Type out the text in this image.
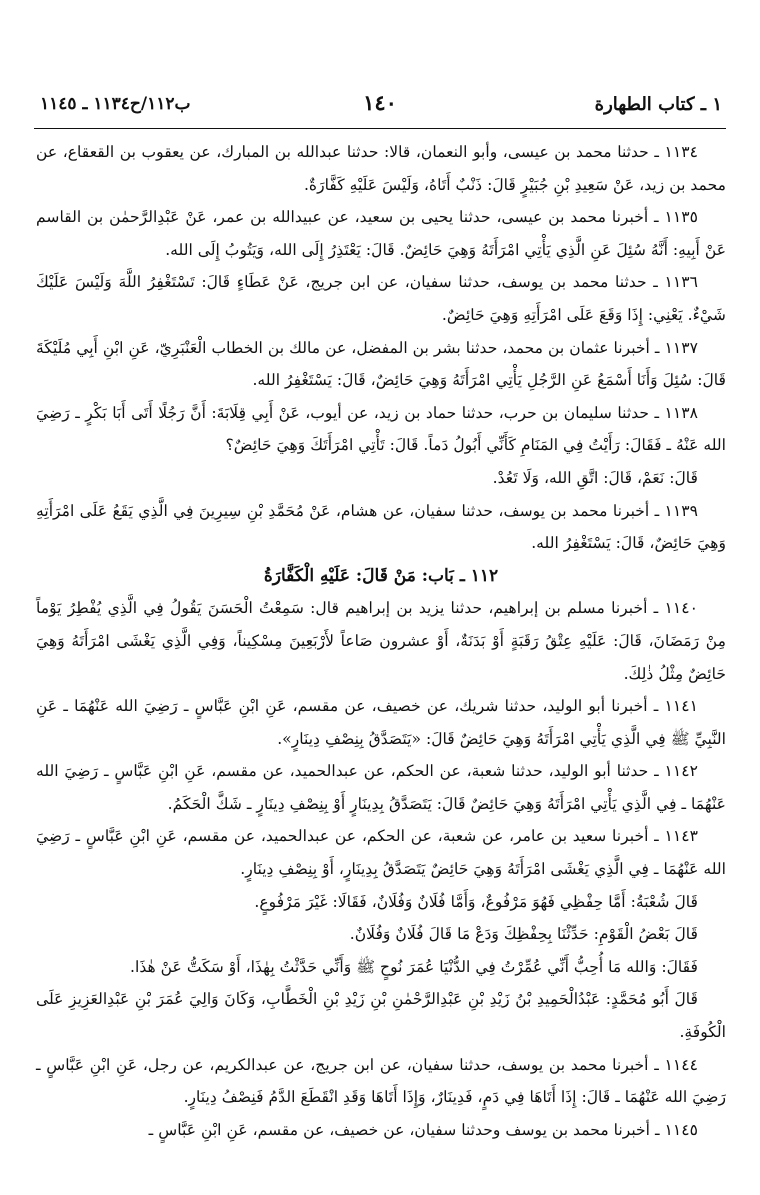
١ ـ كتاب الطهارة
١٤٠
ب١١٢/ح١١٣٤ ـ ١١٤٥

١١٣٤ ـ حدثنا محمد بن عيسى، وأبو النعمان، قالا: حدثنا عبدالله بن المبارك، عن يعقوب بن القعقاع، عن محمد بن زيد، عَنْ سَعِيدِ بْنِ جُبَيْرٍ قَالَ: ذَنْبٌ أَتَاهُ، وَلَيْسَ عَلَيْهِ كَفَّارَةٌ.

١١٣٥ ـ أخبرنا محمد بن عيسى، حدثنا يحيى بن سعيد، عن عبيدالله بن عمر، عَنْ عَبْدِالرَّحمٰن بن القاسم عَنْ أَبِيهِ: أَنَّهُ سُئِلَ عَنِ الَّذِي يَأْتِي امْرَأَتَهُ وَهِيَ حَائِضٌ. قَالَ: يَعْتَذِرُ إِلَى الله، وَيَتُوبُ إِلَى الله.

١١٣٦ ـ حدثنا محمد بن يوسف، حدثنا سفيان، عن ابن جريج، عَنْ عَطَاءٍ قَالَ: تَسْتَغْفِرُ اللَّهَ وَلَيْسَ عَلَيْكَ شَيْءٌ. يَعْنِي: إِذَا وَقَعَ عَلَى امْرَأَتِهِ وَهِيَ حَائِضٌ.

١١٣٧ ـ أخبرنا عثمان بن محمد، حدثنا بشر بن المفضل، عن مالك بن الخطاب الْعَنْبَرِيّ، عَنِ ابْنِ أَبِي مُلَيْكَةَ قَالَ: سُئِلَ وَأَنَا أَسْمَعُ عَنِ الرَّجُلِ يَأْتِي امْرَأَتَهُ وَهِيَ حَائِضٌ، قَالَ: يَسْتَغْفِرُ الله.

١١٣٨ ـ حدثنا سليمان بن حرب، حدثنا حماد بن زيد، عن أيوب، عَنْ أَبِي قِلَابَةَ: أَنَّ رَجُلًا أَتَى أَبَا بَكْرٍ ـ رَضِيَ الله عَنْهُ ـ فَقَالَ: رَأَيْتُ فِي المَنَامِ كَأَنِّي أَبُولُ دَماً. قَالَ: تَأْتِي امْرَأَتَكَ وَهِيَ حَائِضٌ؟

قَالَ: نَعَمْ، قَالَ: اتَّقِ الله، وَلَا تَعُدْ.

١١٣٩ ـ أخبرنا محمد بن يوسف، حدثنا سفيان، عن هشام، عَنْ مُحَمَّدِ بْنِ سِيرِينَ فِي الَّذِي يَقَعُ عَلَى امْرَأَتِهِ وَهِيَ حَائِضٌ، قَالَ: يَسْتَغْفِرُ الله.

١١٢ ـ بَاب: مَنْ قَالَ: عَلَيْهِ الْكَفَّارَةُ

١١٤٠ ـ أخبرنا مسلم بن إبراهيم، حدثنا يزيد بن إبراهيم قال: سَمِعْتُ الْحَسَنَ يَقُولُ فِي الَّذِي يُفْطِرُ يَوْماً مِنْ رَمَضَانَ، قَالَ: عَلَيْهِ عِتْقُ رَقَبَةٍ أَوْ بَدَنَةٌ، أَوْ عشرون صَاعاً لأَرْبَعِينَ مِسْكِيناً، وَفِي الَّذِي يَغْشَى امْرَأَتَهُ وَهِيَ حَائِضٌ مِثْلُ ذٰلِكَ.

١١٤١ ـ أخبرنا أبو الوليد، حدثنا شريك، عن خصيف، عن مقسم، عَنِ ابْنِ عَبَّاسٍ ـ رَضِيَ الله عَنْهُمَا ـ عَنِ النَّبِيِّ ﷺ فِي الَّذِي يَأْتِي امْرَأَتَهُ وَهِيَ حَائِضٌ قَالَ: «يَتَصَدَّقُ بِنِصْفِ دِينَارٍ».

١١٤٢ ـ حدثنا أبو الوليد، حدثنا شعبة، عن الحكم، عن عبدالحميد، عن مقسم، عَنِ ابْنِ عَبَّاسٍ ـ رَضِيَ الله عَنْهُمَا ـ فِي الَّذِي يَأْتِي امْرَأَتَهُ وَهِيَ حَائِضٌ قَالَ: يَتَصَدَّقُ بِدِينَارٍ أَوْ بِنِصْفِ دِينَارٍ ـ شَكَّ الْحَكَمُ.

١١٤٣ ـ أخبرنا سعيد بن عامر، عن شعبة، عن الحكم، عن عبدالحميد، عن مقسم، عَنِ ابْنِ عَبَّاسٍ ـ رَضِيَ الله عَنْهُمَا ـ فِي الَّذِي يَغْشَى امْرَأَتَهُ وَهِيَ حَائِضٌ يَتَصَدَّقُ بِدِينَارٍ، أَوْ بِنِصْفِ دِينَارٍ.

قَالَ شُعْبَةُ: أَمَّا حِفْظِي فَهُوَ مَرْفُوعٌ، وَأَمَّا فُلَانٌ وَفُلَانٌ، فَقَالَا: غَيْرَ مَرْفُوعٍ.

قَالَ بَعْضُ الْقَوْمِ: حَدِّثْنَا بِحِفْظِكَ وَدَعْ مَا قَالَ فُلَانٌ وَفُلَانٌ.

فَقَالَ: وَالله مَا أُحِبُّ أَنِّي عُمِّرْتُ فِي الدُّنْيَا عُمَرَ نُوحٍ ﷺ وَأَنِّي حَدَّثْتُ بِهٰذَا، أَوْ سَكَتُّ عَنْ هٰذَا.

قَالَ أَبُو مُحَمَّدٍ: عَبْدُالْحَمِيدِ بْنُ زَيْدِ بْنِ عَبْدِالرَّحْمٰنِ بْنِ زَيْدِ بْنِ الْخَطَّابِ، وَكَانَ وَالِيَ عُمَرَ بْنِ عَبْدِالعَزِيزِ عَلَى الْكُوفَةِ.

١١٤٤ ـ أخبرنا محمد بن يوسف، حدثنا سفيان، عن ابن جريج، عن عبدالكريم، عن رجل، عَنِ ابْنِ عَبَّاسٍ ـ رَضِيَ الله عَنْهُمَا ـ قَالَ: إِذَا أَتَاهَا فِي دَمٍ، فَدِينَارٌ، وَإِذَا أَتَاهَا وَقَدِ انْقَطَعَ الدَّمُ فَنِصْفُ دِينَارٍ.

١١٤٥ ـ أخبرنا محمد بن يوسف وحدثنا سفيان، عن خصيف، عن مقسم، عَنِ ابْنِ عَبَّاسٍ ـ
